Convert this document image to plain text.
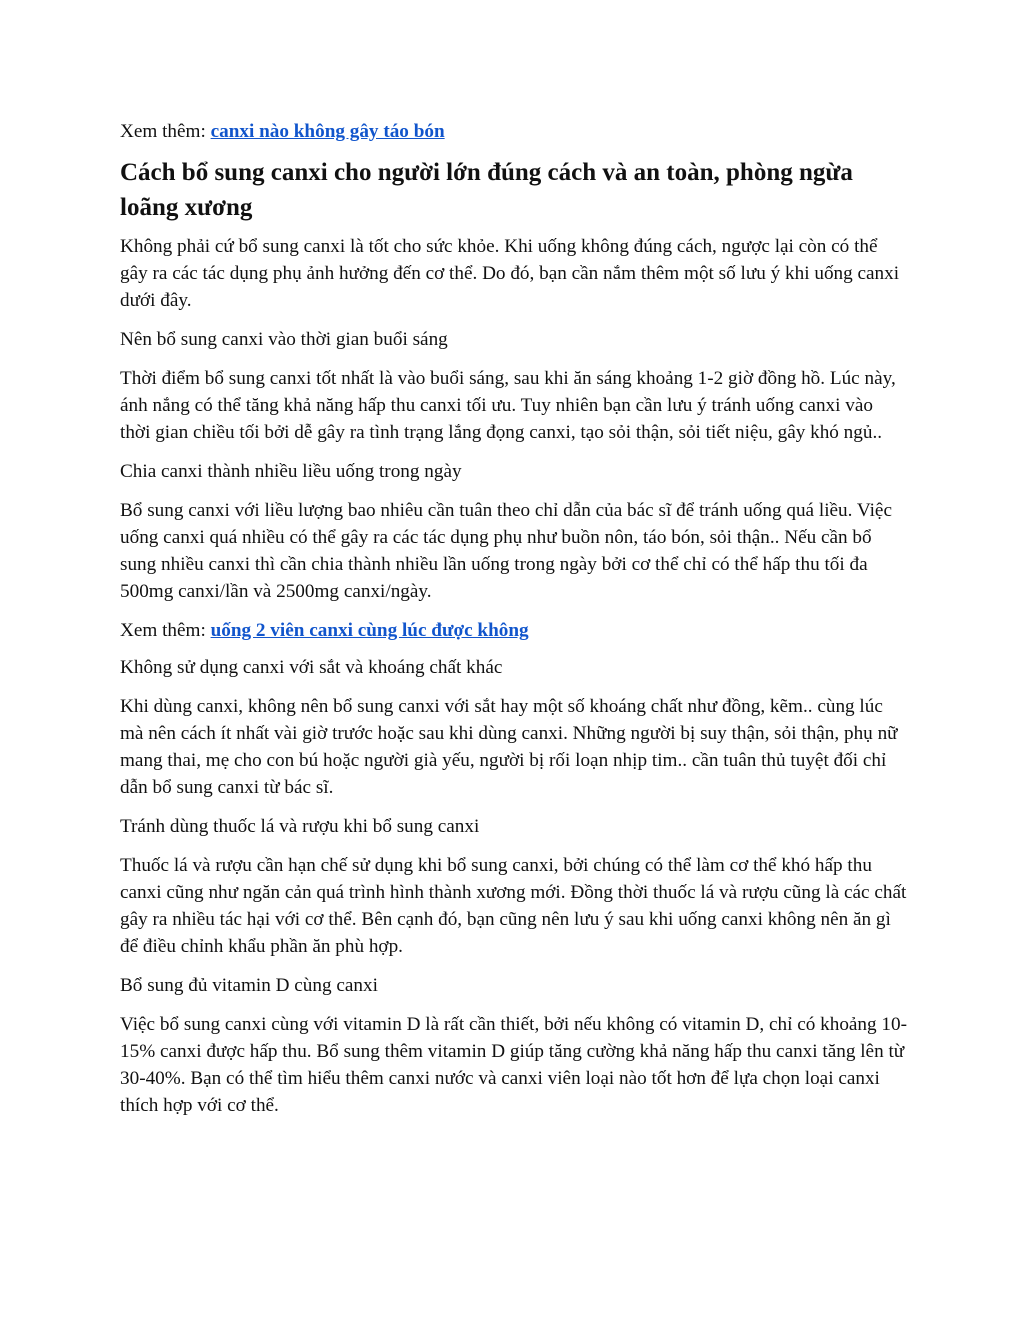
Xem thêm: canxi nào không gây táo bón

Cách bổ sung canxi cho người lớn đúng cách và an toàn, phòng ngừa loãng xương

Không phải cứ bổ sung canxi là tốt cho sức khỏe. Khi uống không đúng cách, ngược lại còn có thể gây ra các tác dụng phụ ảnh hưởng đến cơ thể. Do đó, bạn cần nắm thêm một số lưu ý khi uống canxi dưới đây.

Nên bổ sung canxi vào thời gian buổi sáng

Thời điểm bổ sung canxi tốt nhất là vào buổi sáng, sau khi ăn sáng khoảng 1-2 giờ đồng hồ. Lúc này, ánh nắng có thể tăng khả năng hấp thu canxi tối ưu. Tuy nhiên bạn cần lưu ý tránh uống canxi vào thời gian chiều tối bởi dễ gây ra tình trạng lắng đọng canxi, tạo sỏi thận, sỏi tiết niệu, gây khó ngủ..

Chia canxi thành nhiều liều uống trong ngày

Bổ sung canxi với liều lượng bao nhiêu cần tuân theo chỉ dẫn của bác sĩ để tránh uống quá liều. Việc uống canxi quá nhiều có thể gây ra các tác dụng phụ như buồn nôn, táo bón, sỏi thận.. Nếu cần bổ sung nhiều canxi thì cần chia thành nhiều lần uống trong ngày bởi cơ thể chỉ có thể hấp thu tối đa 500mg canxi/lần và 2500mg canxi/ngày.

Xem thêm: uống 2 viên canxi cùng lúc được không

Không sử dụng canxi với sắt và khoáng chất khác

Khi dùng canxi, không nên bổ sung canxi với sắt hay một số khoáng chất như đồng, kẽm.. cùng lúc mà nên cách ít nhất vài giờ trước hoặc sau khi dùng canxi. Những người bị suy thận, sỏi thận, phụ nữ mang thai, mẹ cho con bú hoặc người già yếu, người bị rối loạn nhịp tim.. cần tuân thủ tuyệt đối chỉ dẫn bổ sung canxi từ bác sĩ.

Tránh dùng thuốc lá và rượu khi bổ sung canxi

Thuốc lá và rượu cần hạn chế sử dụng khi bổ sung canxi, bởi chúng có thể làm cơ thể khó hấp thu canxi cũng như ngăn cản quá trình hình thành xương mới. Đồng thời thuốc lá và rượu cũng là các chất gây ra nhiều tác hại với cơ thể. Bên cạnh đó, bạn cũng nên lưu ý sau khi uống canxi không nên ăn gì để điều chỉnh khẩu phần ăn phù hợp.

Bổ sung đủ vitamin D cùng canxi

Việc bổ sung canxi cùng với vitamin D là rất cần thiết, bởi nếu không có vitamin D, chỉ có khoảng 10-15% canxi được hấp thu. Bổ sung thêm vitamin D giúp tăng cường khả năng hấp thu canxi tăng lên từ 30-40%. Bạn có thể tìm hiểu thêm canxi nước và canxi viên loại nào tốt hơn để lựa chọn loại canxi thích hợp với cơ thể.
